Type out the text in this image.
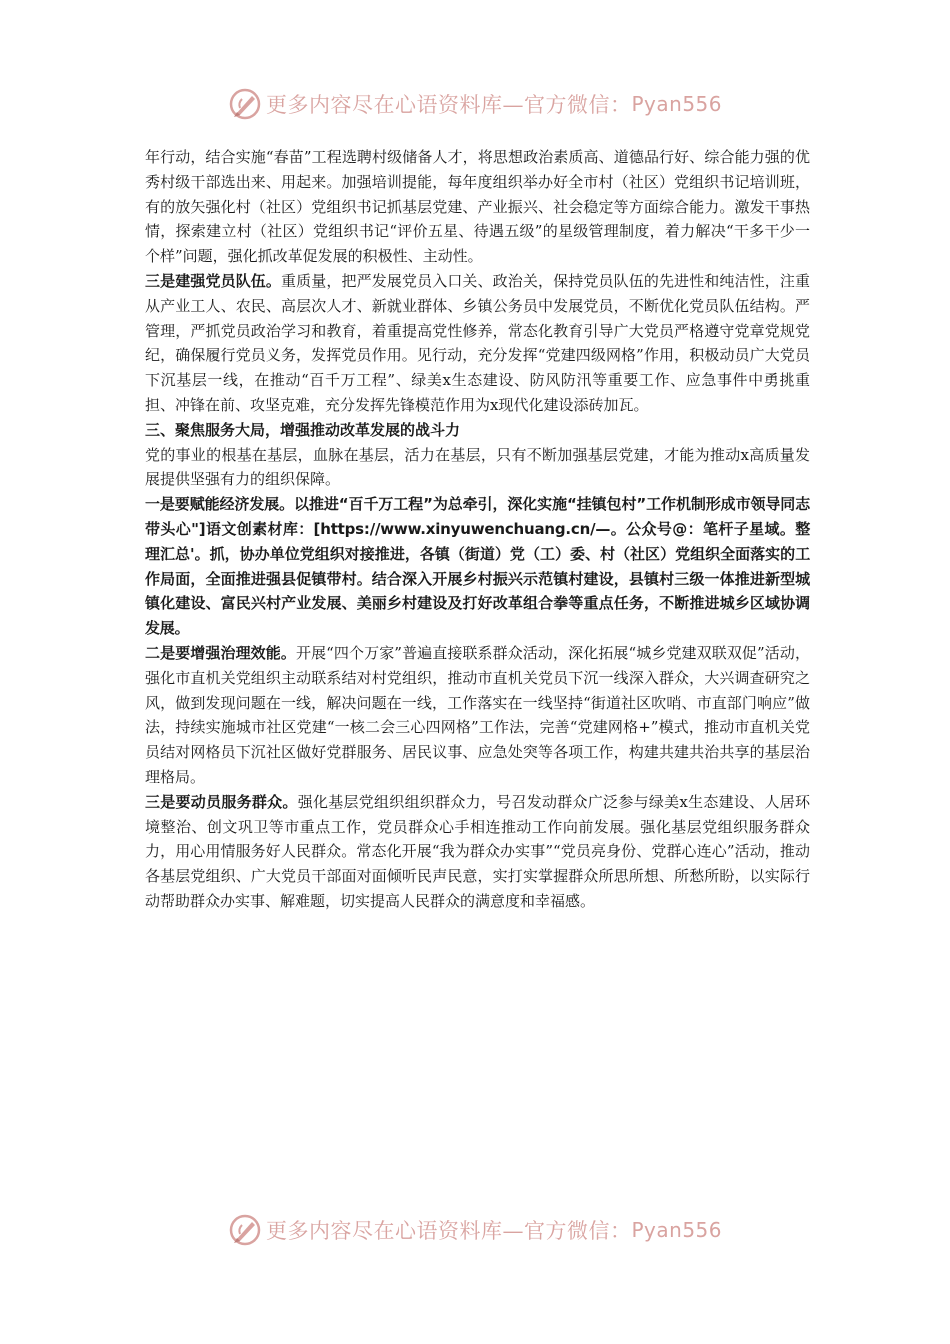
更多内容尽在心语资料库—官方微信： Pyan556

年行动，结合实施“春苗”工程选聘村级储备人才，将思想政治素质高、道德品行好、综合能力强的优秀村级干部选出来、用起来。加强培训提能，每年度组织举办好全市村（社区）党组织书记培训班，有的放矢强化村（社区）党组织书记抓基层党建、产业振兴、社会稳定等方面综合能力。激发干事热情，探索建立村（社区）党组织书记“评价五星、待遇五级”的星级管理制度，着力解决“干多干少一个样”问题，强化抓改革促发展的积极性、主动性。

三是建强党员队伍。重质量，把严发展党员入口关、政治关，保持党员队伍的先进性和纯洁性，注重从产业工人、农民、高层次人才、新就业群体、乡镇公务员中发展党员，不断优化党员队伍结构。严管理，严抓党员政治学习和教育，着重提高党性修养，常态化教育引导广大党员严格遵守党章党规党纪，确保履行党员义务，发挥党员作用。见行动，充分发挥“党建四级网格”作用，积极动员广大党员下沉基层一线，在推动“百千万工程”、绿美x生态建设、防风防汛等重要工作、应急事件中勇挑重担、冲锋在前、攻坚克难，充分发挥先锋模范作用为x现代化建设添砖加瓦。

三、聚焦服务大局，增强推动改革发展的战斗力

党的事业的根基在基层，血脉在基层，活力在基层，只有不断加强基层党建，才能为推动x高质量发展提供坚强有力的组织保障。

一是要赋能经济发展。以推进“百千万工程”为总牵引，深化实施“挂镇包村”工作机制形成市领导同志带头心"]语文创素材库：[https://www.xinyuwenchuang.cn/—。公众号@：笔杆子星域。整理汇总'。抓，协办单位党组织对接推进，各镇（街道）党（工）委、村（社区）党组织全面落实的工作局面，全面推进强县促镇带村。结合深入开展乡村振兴示范镇村建设，县镇村三级一体推进新型城镇化建设、富民兴村产业发展、美丽乡村建设及打好改革组合拳等重点任务，不断推进城乡区域协调发展。

二是要增强治理效能。开展“四个万家”普遍直接联系群众活动，深化拓展“城乡党建双联双促”活动，强化市直机关党组织主动联系结对村党组织，推动市直机关党员下沉一线深入群众，大兴调查研究之风，做到发现问题在一线，解决问题在一线，工作落实在一线坚持“街道社区吹哨、市直部门响应”做法，持续实施城市社区党建“一核二会三心四网格”工作法，完善“党建网格+”模式，推动市直机关党员结对网格员下沉社区做好党群服务、居民议事、应急处突等各项工作，构建共建共治共享的基层治理格局。

三是要动员服务群众。强化基层党组织组织群众力，号召发动群众广泛参与绿美x生态建设、人居环境整治、创文巩卫等市重点工作，党员群众心手相连推动工作向前发展。强化基层党组织服务群众力，用心用情服务好人民群众。常态化开展“我为群众办实事”“党员亮身份、党群心连心”活动，推动各基层党组织、广大党员干部面对面倾听民声民意，实打实掌握群众所思所想、所愁所盼，以实际行动帮助群众办实事、解难题，切实提高人民群众的满意度和幸福感。

更多内容尽在心语资料库—官方微信： Pyan556
